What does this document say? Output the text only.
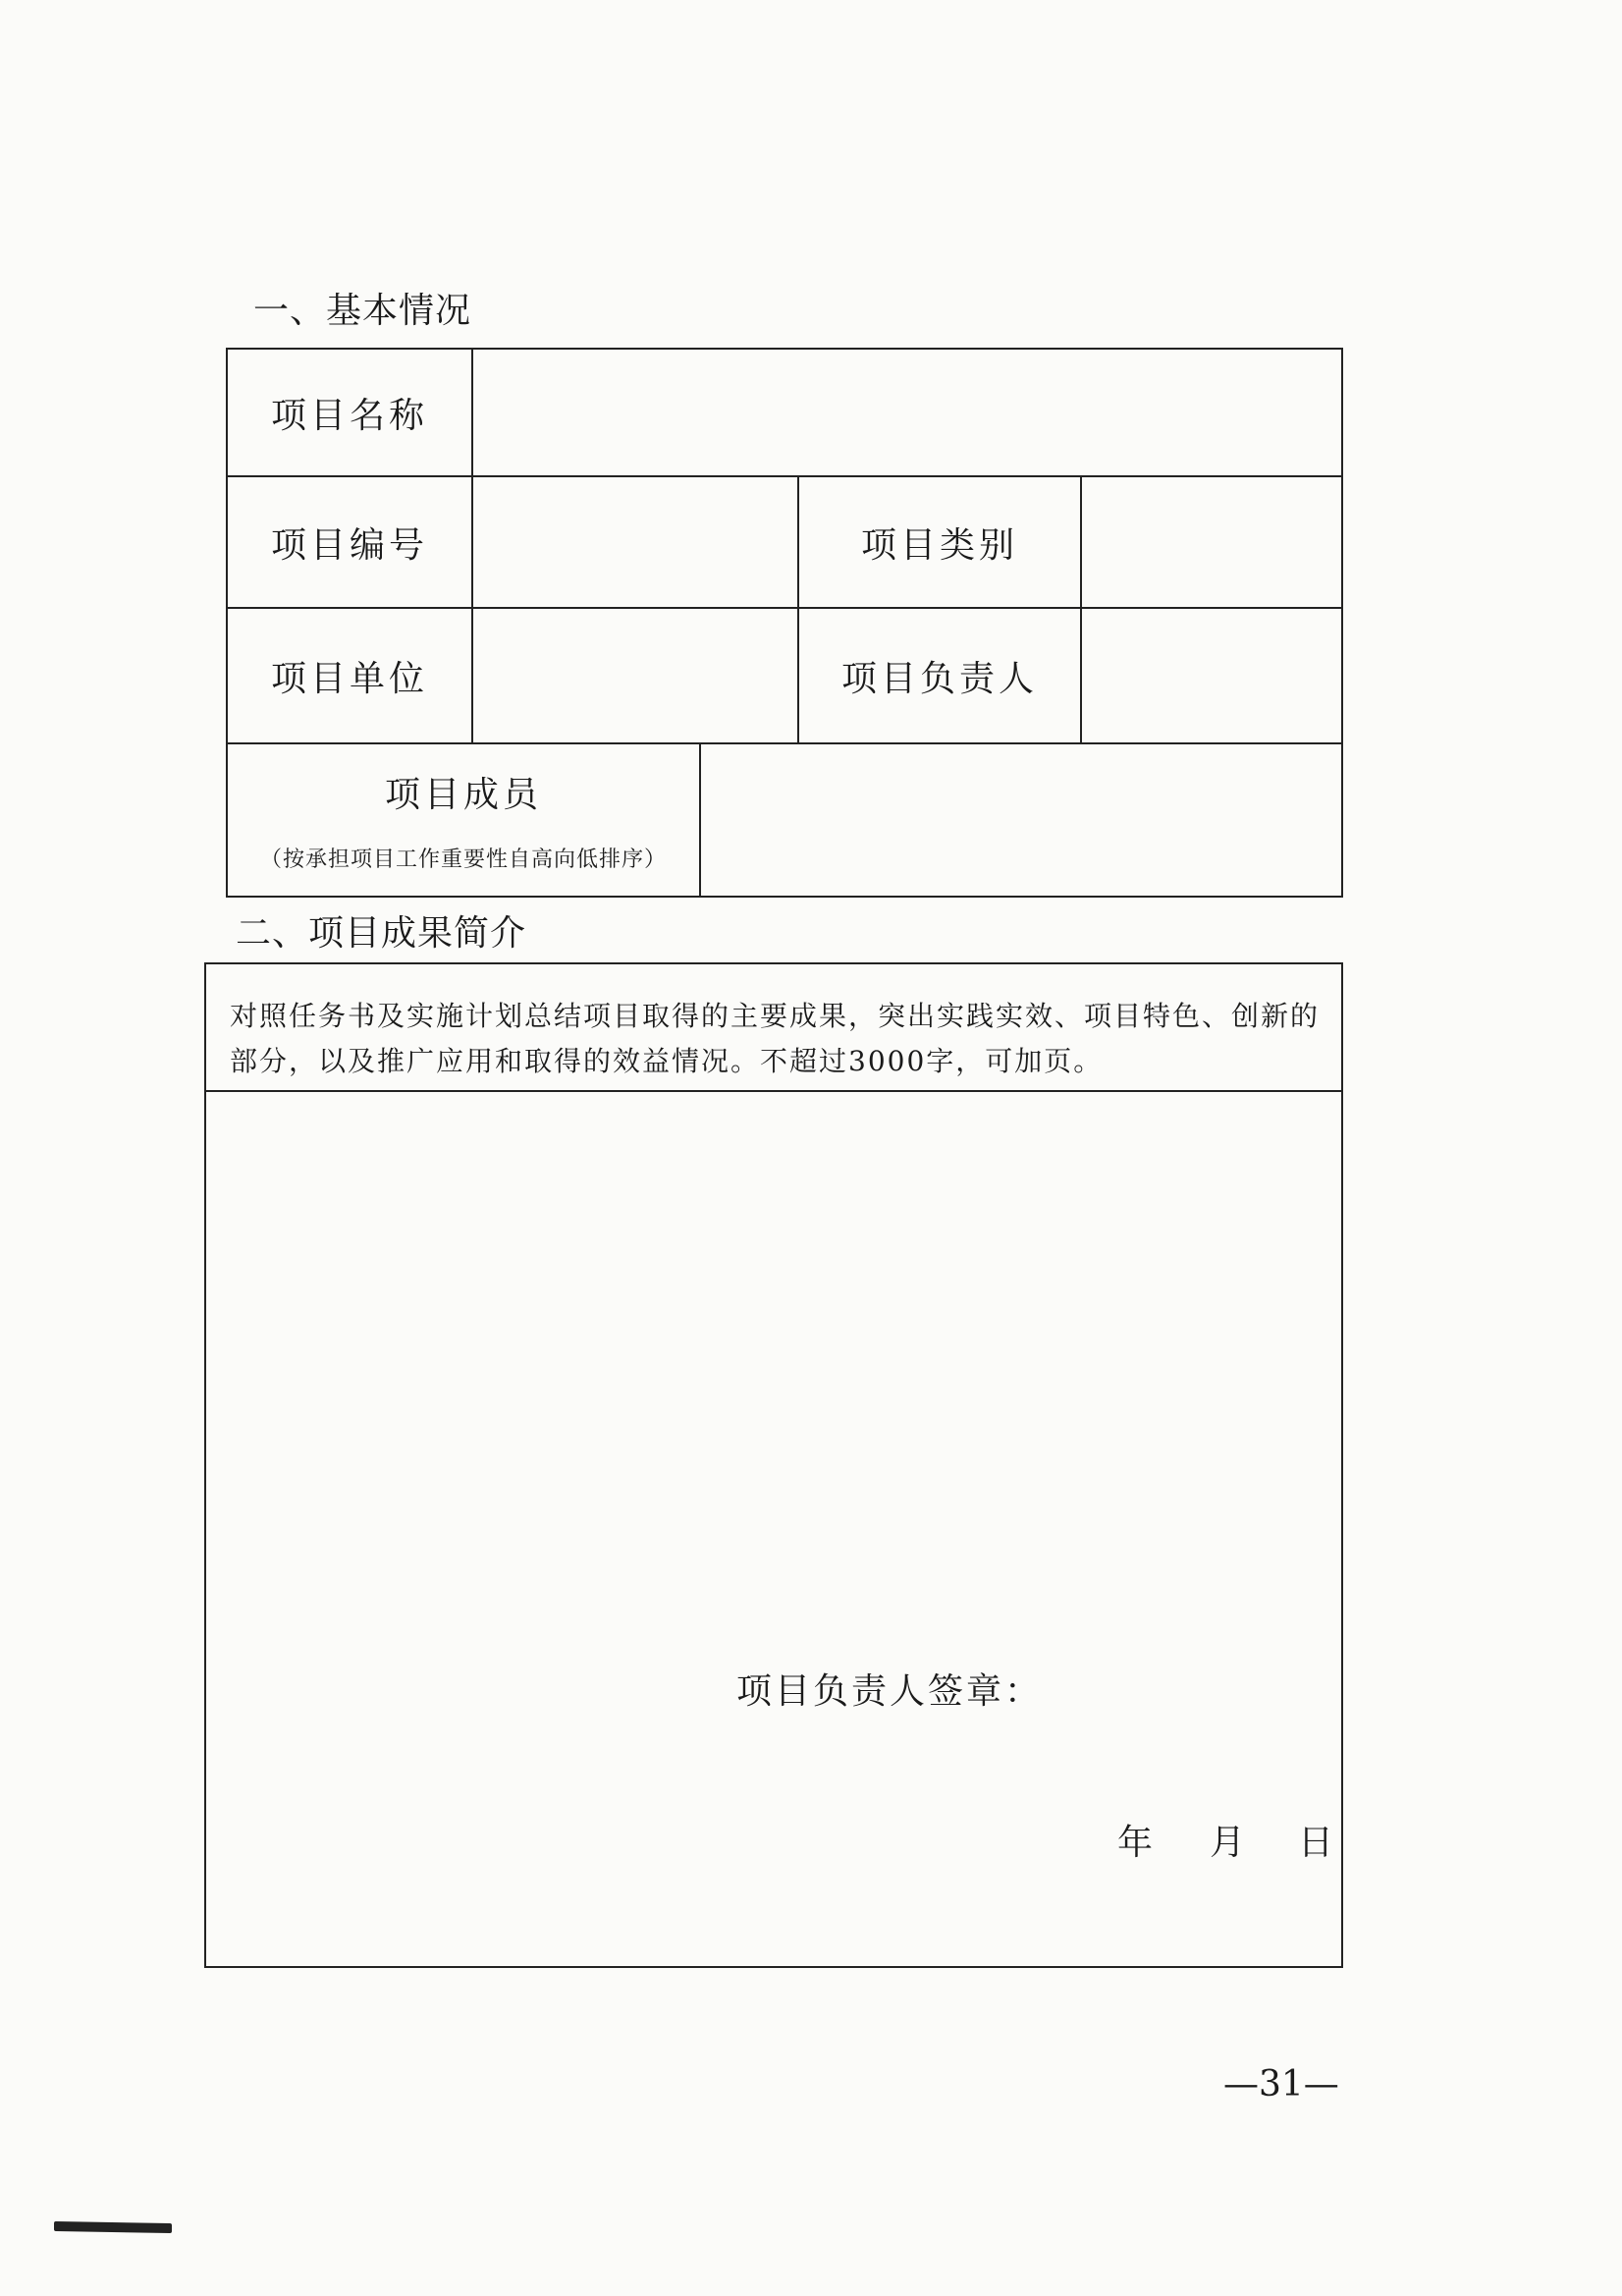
一、基本情况
项目名称
项目编号	项目类别
项目单位	项目负责人
项目成员
（按承担项目工作重要性自高向低排序）
二、项目成果简介
对照任务书及实施计划总结项目取得的主要成果，突出实践实效、项目特色、创新的部分，以及推广应用和取得的效益情况。不超过3000字，可加页。
项目负责人签章：
年 月 日
—31—
